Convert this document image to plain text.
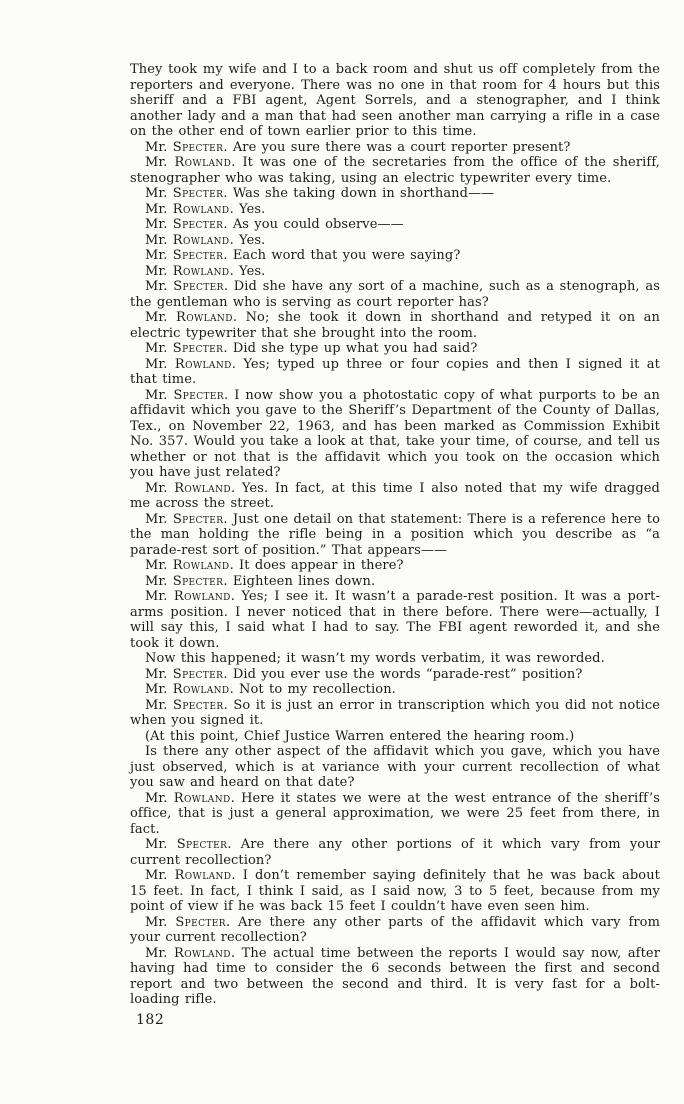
They took my wife and I to a back room and shut us off completely from the reporters and everyone. There was no one in that room for 4 hours but this sheriff and a FBI agent, Agent Sorrels, and a stenographer, and I think another lady and a man that had seen another man carrying a rifle in a case on the other end of town earlier prior to this time.

Mr. Specter. Are you sure there was a court reporter present?

Mr. Rowland. It was one of the secretaries from the office of the sheriff, stenographer who was taking, using an electric typewriter every time.

Mr. Specter. Was she taking down in shorthand——

Mr. Rowland. Yes.

Mr. Specter. As you could observe——

Mr. Rowland. Yes.

Mr. Specter. Each word that you were saying?

Mr. Rowland. Yes.

Mr. Specter. Did she have any sort of a machine, such as a stenograph, as the gentleman who is serving as court reporter has?

Mr. Rowland. No; she took it down in shorthand and retyped it on an electric typewriter that she brought into the room.

Mr. Specter. Did she type up what you had said?

Mr. Rowland. Yes; typed up three or four copies and then I signed it at that time.

Mr. Specter. I now show you a photostatic copy of what purports to be an affidavit which you gave to the Sheriff’s Department of the County of Dallas, Tex., on November 22, 1963, and has been marked as Commission Exhibit No. 357. Would you take a look at that, take your time, of course, and tell us whether or not that is the affidavit which you took on the occasion which you have just related?

Mr. Rowland. Yes. In fact, at this time I also noted that my wife dragged me across the street.

Mr. Specter. Just one detail on that statement: There is a reference here to the man holding the rifle being in a position which you describe as “a parade-rest sort of position.” That appears——

Mr. Rowland. It does appear in there?

Mr. Specter. Eighteen lines down.

Mr. Rowland. Yes; I see it. It wasn’t a parade-rest position. It was a port-arms position. I never noticed that in there before. There were—actually, I will say this, I said what I had to say. The FBI agent reworded it, and she took it down.

Now this happened; it wasn’t my words verbatim, it was reworded.

Mr. Specter. Did you ever use the words “parade-rest” position?

Mr. Rowland. Not to my recollection.

Mr. Specter. So it is just an error in transcription which you did not notice when you signed it.

(At this point, Chief Justice Warren entered the hearing room.)

Is there any other aspect of the affidavit which you gave, which you have just observed, which is at variance with your current recollection of what you saw and heard on that date?

Mr. Rowland. Here it states we were at the west entrance of the sheriff’s office, that is just a general approximation, we were 25 feet from there, in fact.

Mr. Specter. Are there any other portions of it which vary from your current recollection?

Mr. Rowland. I don’t remember saying definitely that he was back about 15 feet. In fact, I think I said, as I said now, 3 to 5 feet, because from my point of view if he was back 15 feet I couldn’t have even seen him.

Mr. Specter. Are there any other parts of the affidavit which vary from your current recollection?

Mr. Rowland. The actual time between the reports I would say now, after having had time to consider the 6 seconds between the first and second report and two between the second and third. It is very fast for a bolt-loading rifle.

182
